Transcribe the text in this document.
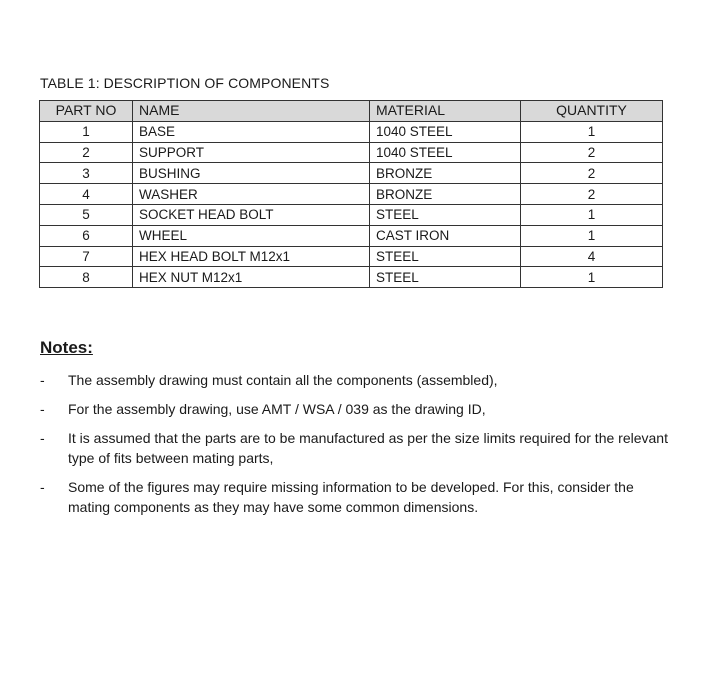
TABLE 1: DESCRIPTION OF COMPONENTS
PART NO	NAME	MATERIAL	QUANTITY
1	BASE	1040 STEEL	1
2	SUPPORT	1040 STEEL	2
3	BUSHING	BRONZE	2
4	WASHER	BRONZE	2
5	SOCKET HEAD BOLT	STEEL	1
6	WHEEL	CAST IRON	1
7	HEX HEAD BOLT M12x1	STEEL	4
8	HEX NUT M12x1	STEEL	1
Notes:
- The assembly drawing must contain all the components (assembled),
- For the assembly drawing, use AMT / WSA / 039 as the drawing ID,
- It is assumed that the parts are to be manufactured as per the size limits required for the relevant type of fits between mating parts,
- Some of the figures may require missing information to be developed. For this, consider the mating components as they may have some common dimensions.
